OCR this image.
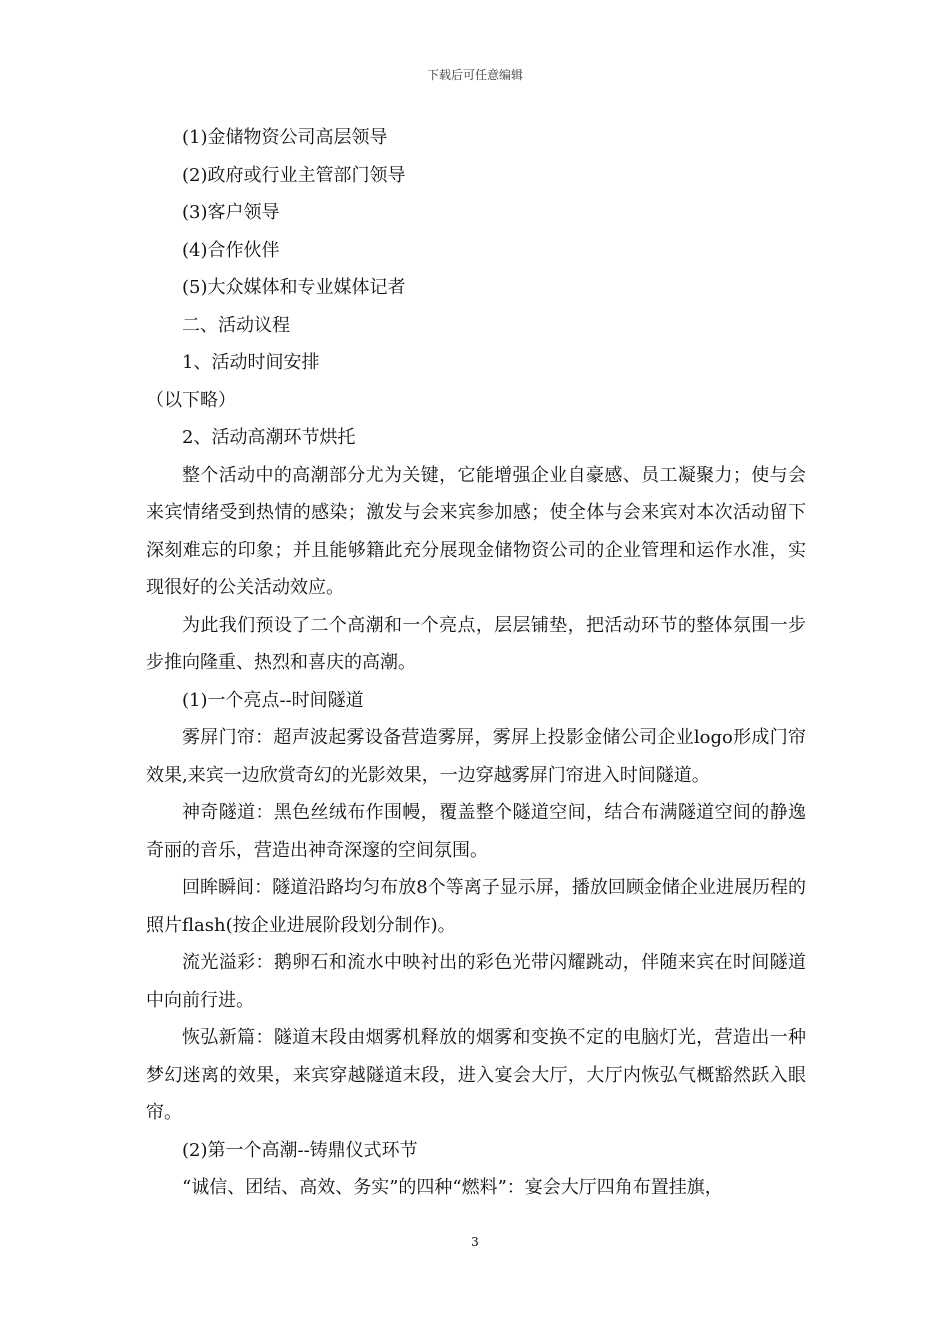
下载后可任意编辑

(1)金储物资公司高层领导

(2)政府或行业主管部门领导

(3)客户领导

(4)合作伙伴

(5)大众媒体和专业媒体记者

二、活动议程

1、活动时间安排

（以下略）

2、活动高潮环节烘托

整个活动中的高潮部分尤为关键，它能增强企业自豪感、员工凝聚力；使与会来宾情绪受到热情的感染；激发与会来宾参加感；使全体与会来宾对本次活动留下深刻难忘的印象；并且能够籍此充分展现金储物资公司的企业管理和运作水准，实现很好的公关活动效应。

为此我们预设了二个高潮和一个亮点，层层铺垫，把活动环节的整体氛围一步步推向隆重、热烈和喜庆的高潮。

(1)一个亮点--时间隧道

雾屏门帘：超声波起雾设备营造雾屏，雾屏上投影金储公司企业logo形成门帘效果,来宾一边欣赏奇幻的光影效果，一边穿越雾屏门帘进入时间隧道。

神奇隧道：黑色丝绒布作围幔，覆盖整个隧道空间，结合布满隧道空间的静逸奇丽的音乐，营造出神奇深邃的空间氛围。

回眸瞬间：隧道沿路均匀布放8个等离子显示屏，播放回顾金储企业进展历程的照片flash(按企业进展阶段划分制作)。

流光溢彩：鹅卵石和流水中映衬出的彩色光带闪耀跳动，伴随来宾在时间隧道中向前行进。

恢弘新篇：隧道末段由烟雾机释放的烟雾和变换不定的电脑灯光，营造出一种梦幻迷离的效果，来宾穿越隧道末段，进入宴会大厅，大厅内恢弘气概豁然跃入眼帘。

(2)第一个高潮--铸鼎仪式环节

“诚信、团结、高效、务实”的四种“燃料”：宴会大厅四角布置挂旗，

3
